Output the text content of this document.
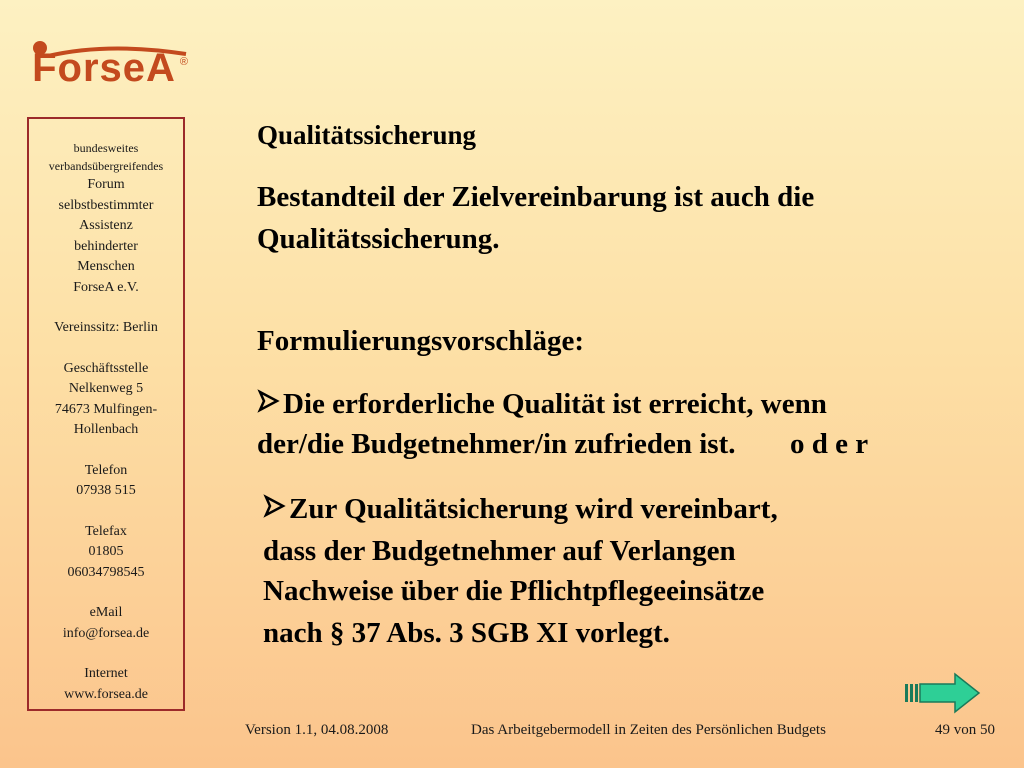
ForseA ®
bundesweites
verbandsübergreifendes
Forum
selbstbestimmter
Assistenz
behinderter
Menschen
ForseA e.V.
Vereinssitz: Berlin
Geschäftsstelle
Nelkenweg 5
74673 Mulfingen-
Hollenbach
Telefon
07938 515
Telefax
01805
06034798545
eMail
info@forsea.de
Internet
www.forsea.de
Qualitätssicherung
Bestandteil der Zielvereinbarung ist auch die
Qualitätssicherung.
Formulierungsvorschläge:
Die erforderliche Qualität ist erreicht, wenn
der/die Budgetnehmer/in zufrieden ist. o d e r
Zur Qualitätsicherung wird vereinbart,
dass der Budgetnehmer auf Verlangen
Nachweise über die Pflichtpflegeeinsätze
nach § 37 Abs. 3 SGB XI vorlegt.
Version 1.1, 04.08.2008	Das Arbeitgebermodell in Zeiten des Persönlichen Budgets	49 von 50
